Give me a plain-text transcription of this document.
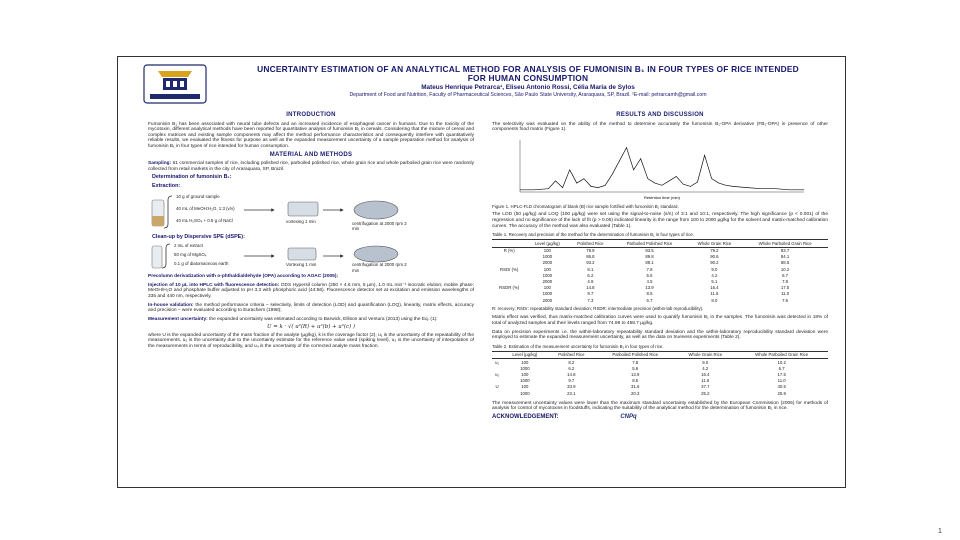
UNCERTAINTY ESTIMATION OF AN ANALYTICAL METHOD FOR ANALYSIS OF FUMONISIN B₁ IN FOUR TYPES OF RICE INTENDED FOR HUMAN CONSUMPTION
Mateus Henrique Petrarca¹, Eliseu Antonio Rossi, Célia Maria de Sylos
Department of Food and Nutrition, Faculty of Pharmaceutical Sciences, São Paulo State University, Araraquara, SP, Brazil. ¹E-mail: petrarcamh@gmail.com
INTRODUCTION
Fumonisin B₁ has been associated with neural tube defects and an increased incidence of esophageal cancer in humans. Due to the toxicity of the mycotoxin, different analytical methods have been reported for quantitative analysis of fumonisin B₁ in cereals. Considering that the mixture of cereal and complex matrices and existing sample components may affect the method performance characteristics and consequently interfere with quantitatively reliable results, we evaluated the fitness for purpose as well as the expanded measurement uncertainty of a sample preparation method for analysis of fumonisin B₁ in four types of rice intended for human consumption.
MATERIAL AND METHODS
Sampling: 61 commercial samples of rice, including polished rice, parboiled polished rice, whole grain rice and whole parboiled grain rice were randomly collected from retail markets in the city of Araraquara, SP, Brazil.
Determination of fumonisin B₁:
Extraction:
10 g of ground sample
40 mL of MeOH:H₂O, 1:3 (v/v)
40 mL H₂SO₄ + 0.5 g of NaCl	vortexing 1 min	centrifugation at 2000 rpm 2 min
Clean-up by Dispersive SPE (dSPE):
2 mL of extract
50 mg of MgSO₄
0.1 g of diatomaceous earth	Vortexing 1 min	centrifugation at 2000 rpm 2 min
Precolumn derivatization with o-phthaldialdehyde (OPA) according to AOAC (2005);
Injection of 10 µL into HPLC with fluorescence detection: ODS Hypersil column (250 × 4.6 mm, 5 µm), 1.0 mL min⁻¹ isocratic elution; mobile phase: MeOH/H₂O and phosphate buffer adjusted to pH 3.3 with phosphoric acid (44:56). Fluorescence detector set at excitation and emission wavelengths of 335 and 440 nm, respectively.
In-house validation: the method performance criteria – selectivity, limits of detection (LOD) and quantification (LOQ), linearity, matrix effects, accuracy and precision – were evaluated according to Eurachem (1998);
Measurement uncertainty: the expanded uncertainty was estimated according to Barwick, Ellison and Ventura (2013) using the Eq. (1):
U = k · √( u²(R) + u²(b) + u²(c) )
where U is the expanded uncertainty of the mass fraction of the analyte (µg/kg), k is the coverage factor (2), u₁ is the uncertainty of the repeatability of the measurements, u₂ is the uncertainty due to the uncertainty estimate for the reference value used (spiking level), u₃ is the uncertainty of interpolation of the measurements in terms of reproducibility, and u₄ is the uncertainty of the corrected analyte mass fraction.
RESULTS AND DISCUSSION
The selectivity was evaluated on the ability of the method to determine accurately the fumonisin B₁-OPA derivative (FB₁-OPA) in presence of other components food matrix (Figure 1).
Retention time (min)
Figure 1. HPLC-FLD chromatogram of blank (B) rice sample fortified with fumonisin B₁ standard.
The LOD (50 µg/kg) and LOQ (100 µg/kg) were set using the signal-to-noise (s/n) of 3:1 and 10:1, respectively. The high significance (p < 0.001) of the regression and no significance of the lack of fit (p > 0.05) indicated linearity in the range from 100 to 2000 µg/kg for the solvent and matrix-matched calibration curves. The accuracy of the method was also evaluated (Table 1).
Table 1. Recovery and precision of the method for the determination of fumonisin B₁ in four types of rice.
	Level (µg/kg)	Polished Rice	Parboiled Polished Rice	Whole Grain Rice	Whole Parboiled Grain Rice
R (%)	100	79.9	93.5	79.2	83.7
	1000	86.8	89.8	90.6	84.1
	2000	93.2	89.1	90.2	88.5
RSDr (%)	100	8.1	7.8	9.0	10.2
	1000	6.2	5.6	4.2	6.7
	2000	4.9	4.5	5.1	7.8
RSDR (%)	100	14.8	13.9	16.4	17.5
	1000	9.7	8.5	11.6	11.0
	2000	7.3	6.7	8.0	7.6
R: recovery; RSDr: repeatability standard deviation; RSDR: intermediate precision (within-lab reproducibility).
Matrix effect was verified, thus matrix-matched calibration curves were used to quantify fumonisin B₁ in the samples. The fumonisin was detected in 18% of total of analyzed samples and their levels ranged from 74.98 to 458.7 µg/kg.
Data on precision experiments i.e. the within-laboratory repeatability standard deviation and the within-laboratory reproducibility standard deviation were employed to estimate the expanded measurement uncertainty, as well as the data on trueness experiments (Table 2).
Table 2. Estimation of the measurement uncertainty for fumonisin B₁ in four types of rice.
	Level (µg/kg)	Polished Rice	Parboiled Polished Rice	Whole Grain Rice	Whole Parboiled Grain Rice
u₁	100	8.2	7.8	9.0	10.2
	1000	6.2	5.6	4.2	6.7
u₂	100	14.8	13.9	16.4	17.5
	1000	9.7	8.5	11.6	11.0
U	100	33.9	31.6	37.7	40.5
	1000	23.1	20.3	25.2	25.9
The measurement uncertainty values were lower than the maximum standard uncertainty established by the European Commission (2006) for methods of analysis for control of mycotoxins in foodstuffs, indicating the suitability of the analytical method for the determination of fumonisin B₁ in rice.
ACKNOWLEDGEMENT:	CNPq
1
